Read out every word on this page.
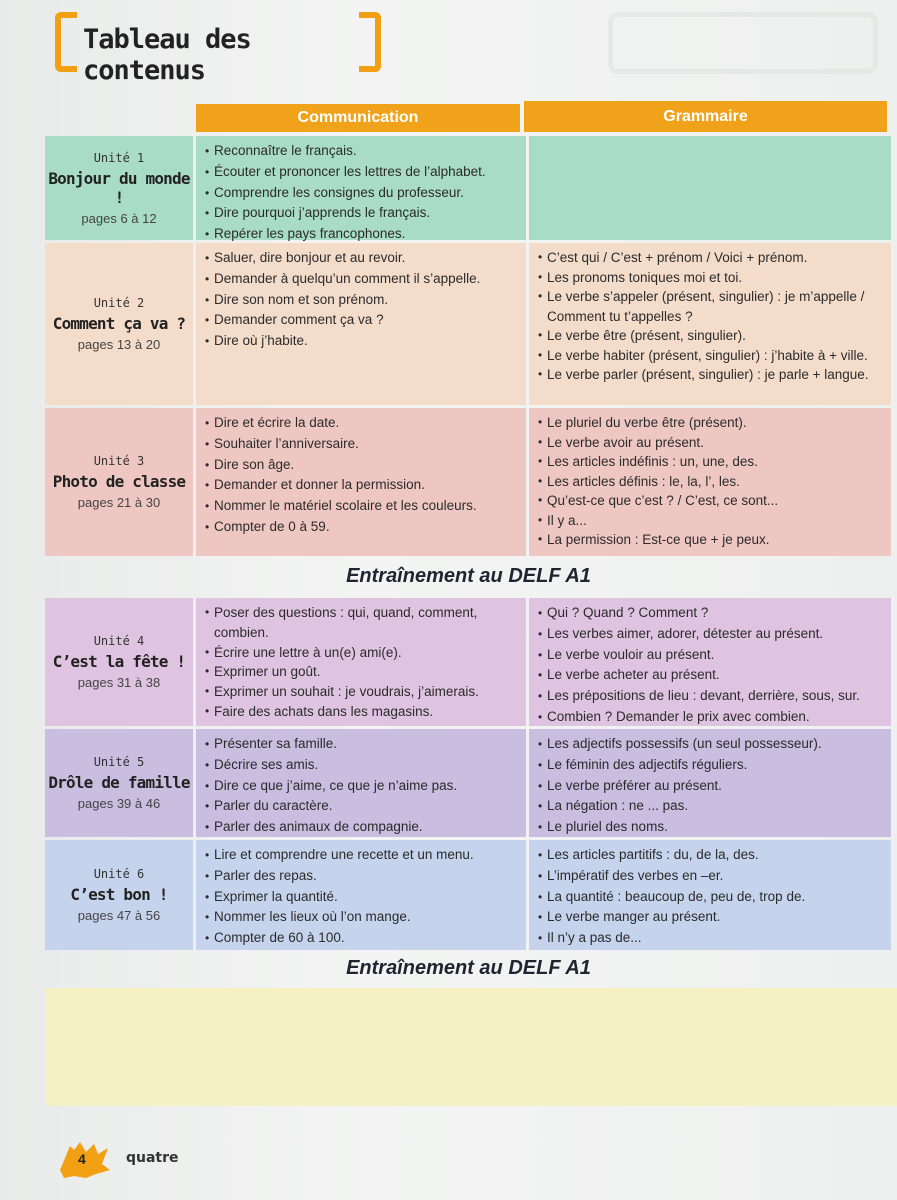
Tableau des contenus
Communication	Grammaire
Unité 1
Bonjour du monde !
pages 6 à 12
• Reconnaître le français.
• Écouter et prononcer les lettres de l’alphabet.
• Comprendre les consignes du professeur.
• Dire pourquoi j’apprends le français.
• Repérer les pays francophones.
Unité 2
Comment ça va ?
pages 13 à 20
• Saluer, dire bonjour et au revoir.
• Demander à quelqu’un comment il s’appelle.
• Dire son nom et son prénom.
• Demander comment ça va ?
• Dire où j’habite.
• C’est qui / C’est + prénom / Voici + prénom.
• Les pronoms toniques moi et toi.
• Le verbe s’appeler (présent, singulier) : je m’appelle / Comment tu t’appelles ?
• Le verbe être (présent, singulier).
• Le verbe habiter (présent, singulier) : j’habite à + ville.
• Le verbe parler (présent, singulier) : je parle + langue.
Unité 3
Photo de classe
pages 21 à 30
• Dire et écrire la date.
• Souhaiter l’anniversaire.
• Dire son âge.
• Demander et donner la permission.
• Nommer le matériel scolaire et les couleurs.
• Compter de 0 à 59.
• Le pluriel du verbe être (présent).
• Le verbe avoir au présent.
• Les articles indéfinis : un, une, des.
• Les articles définis : le, la, l’, les.
• Qu’est-ce que c’est ? / C’est, ce sont...
• Il y a...
• La permission : Est-ce que + je peux.
Entraînement au DELF A1
Unité 4
C’est la fête !
pages 31 à 38
• Poser des questions : qui, quand, comment, combien.
• Écrire une lettre à un(e) ami(e).
• Exprimer un goût.
• Exprimer un souhait : je voudrais, j’aimerais.
• Faire des achats dans les magasins.
• Qui ? Quand ? Comment ?
• Les verbes aimer, adorer, détester au présent.
• Le verbe vouloir au présent.
• Le verbe acheter au présent.
• Les prépositions de lieu : devant, derrière, sous, sur.
• Combien ? Demander le prix avec combien.
Unité 5
Drôle de famille
pages 39 à 46
• Présenter sa famille.
• Décrire ses amis.
• Dire ce que j’aime, ce que je n’aime pas.
• Parler du caractère.
• Parler des animaux de compagnie.
• Les adjectifs possessifs (un seul possesseur).
• Le féminin des adjectifs réguliers.
• Le verbe préférer au présent.
• La négation : ne ... pas.
• Le pluriel des noms.
Unité 6
C’est bon !
pages 47 à 56
• Lire et comprendre une recette et un menu.
• Parler des repas.
• Exprimer la quantité.
• Nommer les lieux où l’on mange.
• Compter de 60 à 100.
• Les articles partitifs : du, de la, des.
• L’impératif des verbes en –er.
• La quantité : beaucoup de, peu de, trop de.
• Le verbe manger au présent.
• Il n’y a pas de...
Entraînement au DELF A1
4	quatre
